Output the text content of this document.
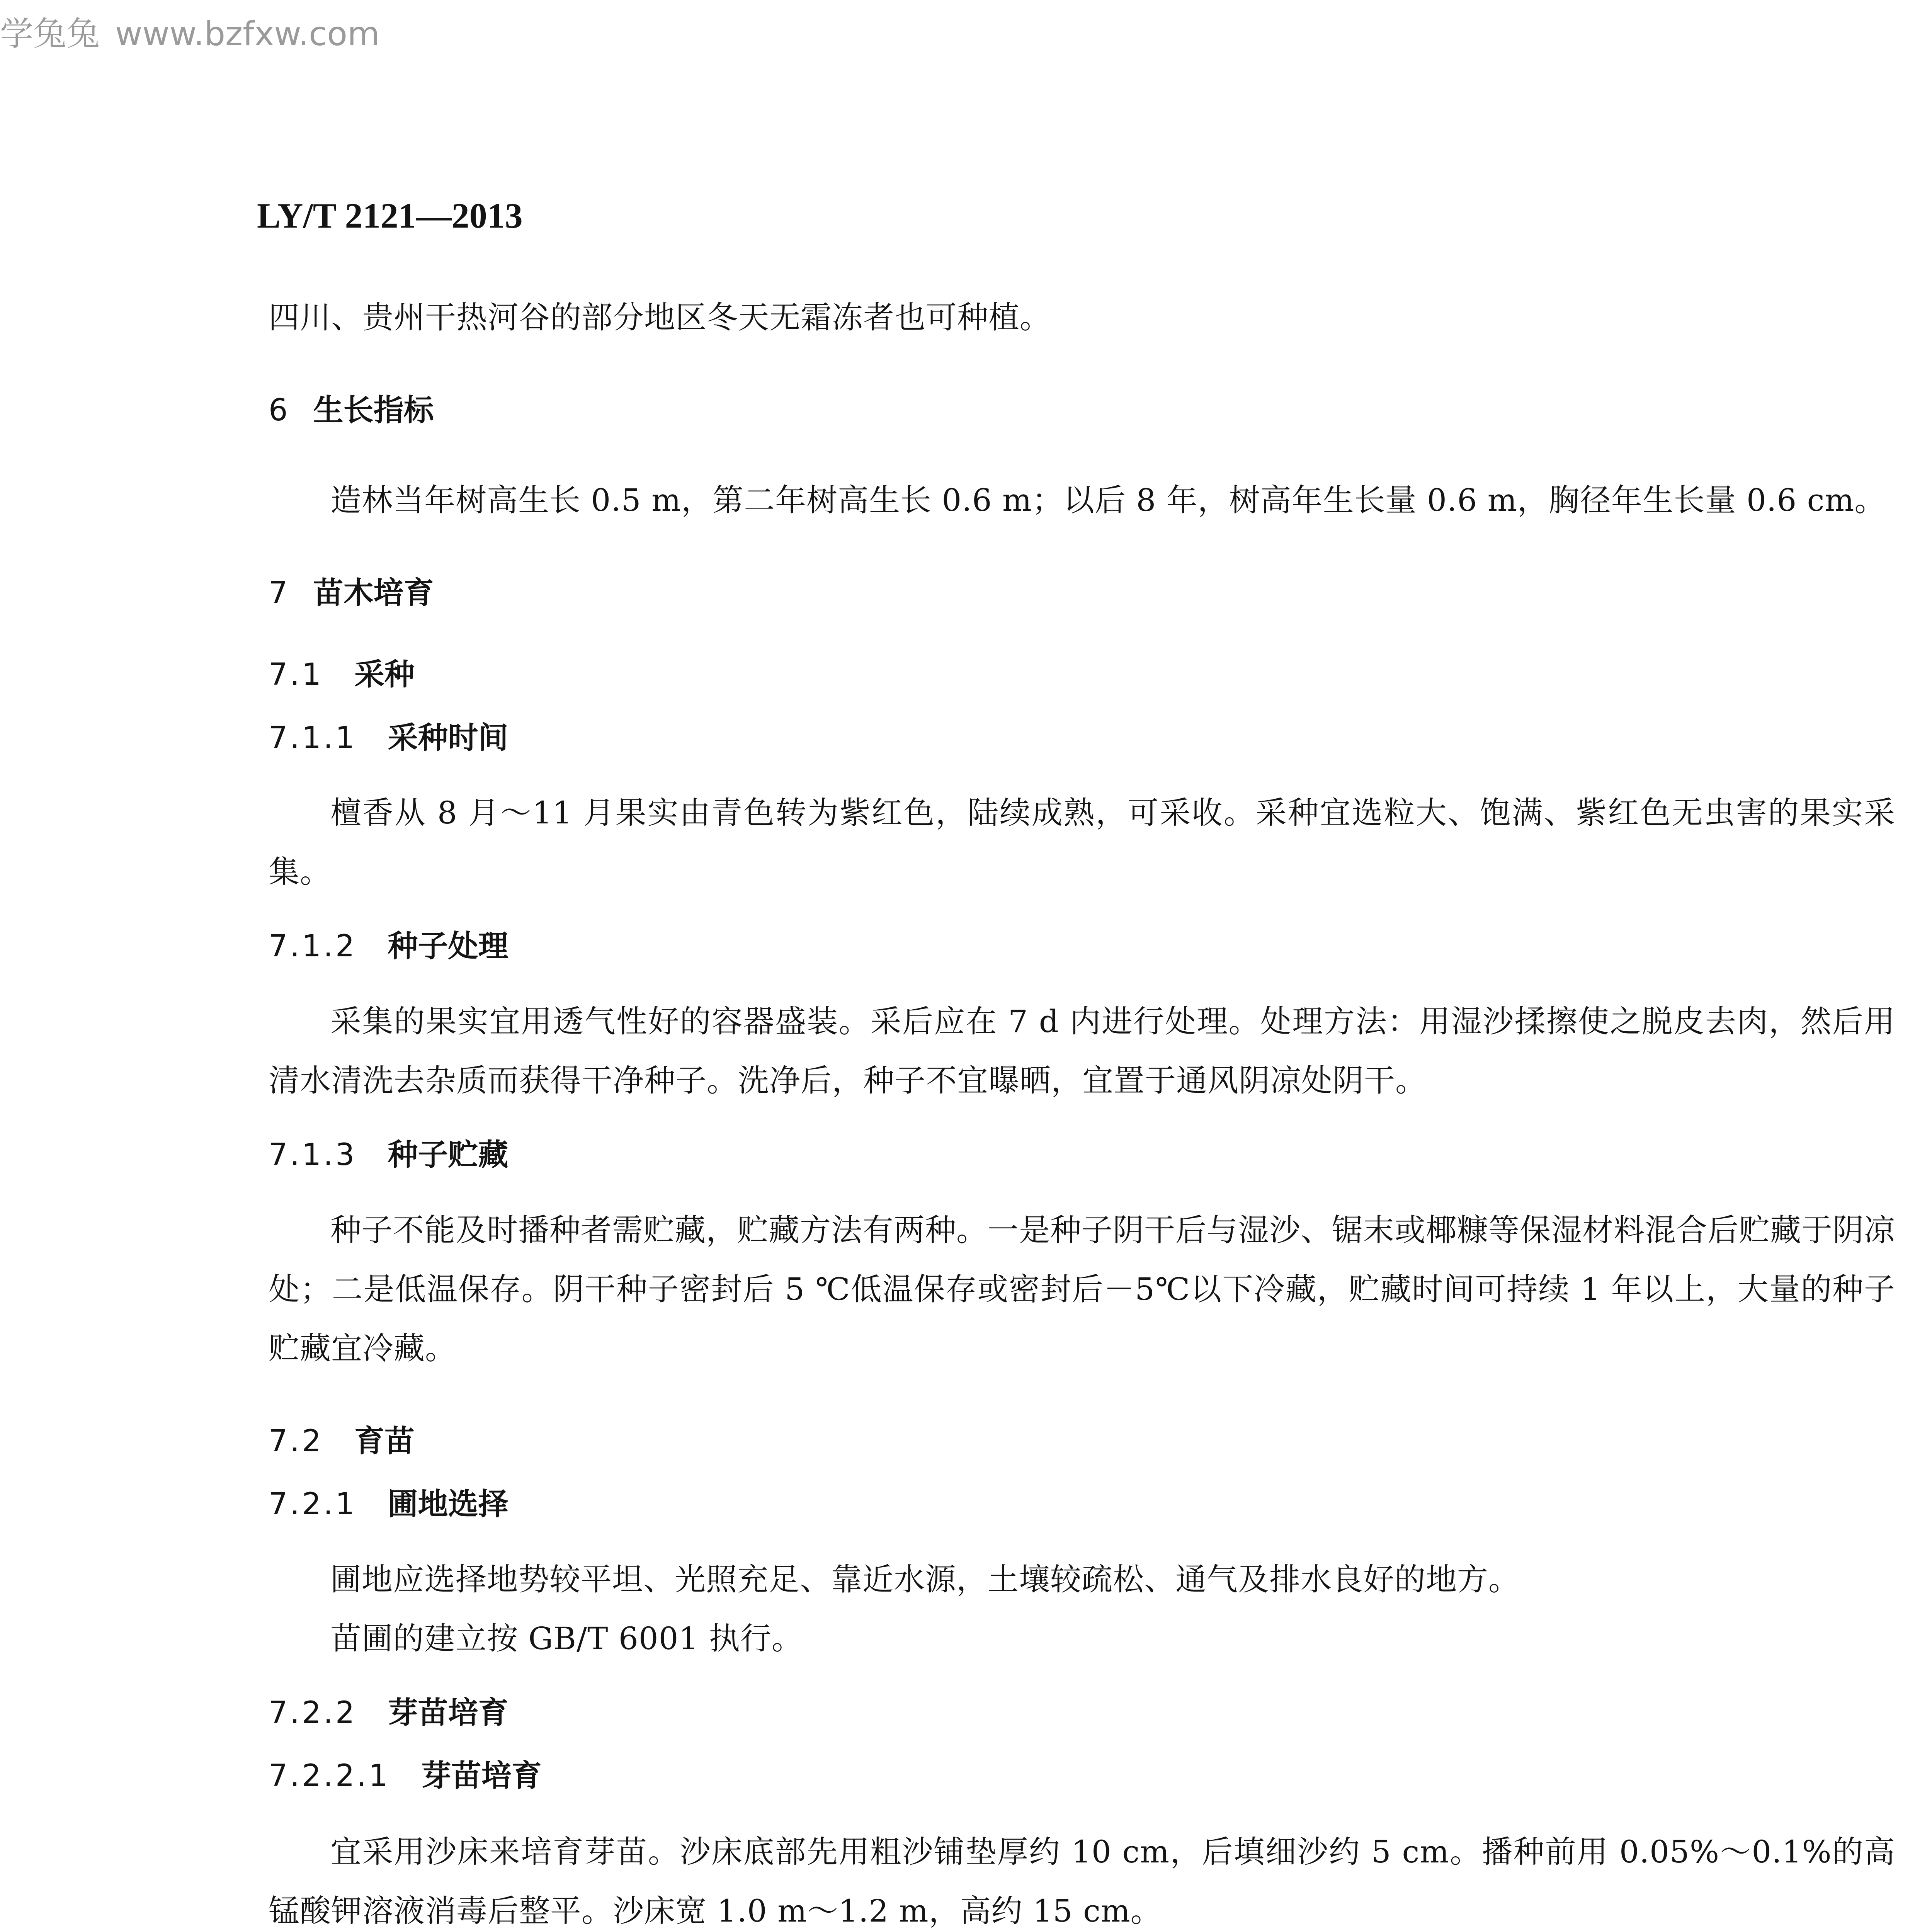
学兔兔 www.bzfxw.com
LY/T 2121—2013
四川、贵州干热河谷的部分地区冬天无霜冻者也可种植。
6 生长指标
造林当年树高生长 0.5 m，第二年树高生长 0.6 m；以后 8 年，树高年生长量 0.6 m，胸径年生长量 0.6 cm。
7 苗木培育
7.1 采种
7.1.1 采种时间
檀香从 8 月～11 月果实由青色转为紫红色，陆续成熟，可采收。采种宜选粒大、饱满、紫红色无虫害的果实采集。
7.1.2 种子处理
采集的果实宜用透气性好的容器盛装。采后应在 7 d 内进行处理。处理方法：用湿沙揉擦使之脱皮去肉，然后用清水清洗去杂质而获得干净种子。洗净后，种子不宜曝晒，宜置于通风阴凉处阴干。
7.1.3 种子贮藏
种子不能及时播种者需贮藏，贮藏方法有两种。一是种子阴干后与湿沙、锯末或椰糠等保湿材料混合后贮藏于阴凉处；二是低温保存。阴干种子密封后 5 ℃低温保存或密封后－5℃以下冷藏，贮藏时间可持续 1 年以上，大量的种子贮藏宜冷藏。
7.2 育苗
7.2.1 圃地选择
圃地应选择地势较平坦、光照充足、靠近水源，土壤较疏松、通气及排水良好的地方。
苗圃的建立按 GB/T 6001 执行。
7.2.2 芽苗培育
7.2.2.1 芽苗培育
宜采用沙床来培育芽苗。沙床底部先用粗沙铺垫厚约 10 cm，后填细沙约 5 cm。播种前用 0.05%～0.1%的高锰酸钾溶液消毒后整平。沙床宽 1.0 m～1.2 m，高约 15 cm。
